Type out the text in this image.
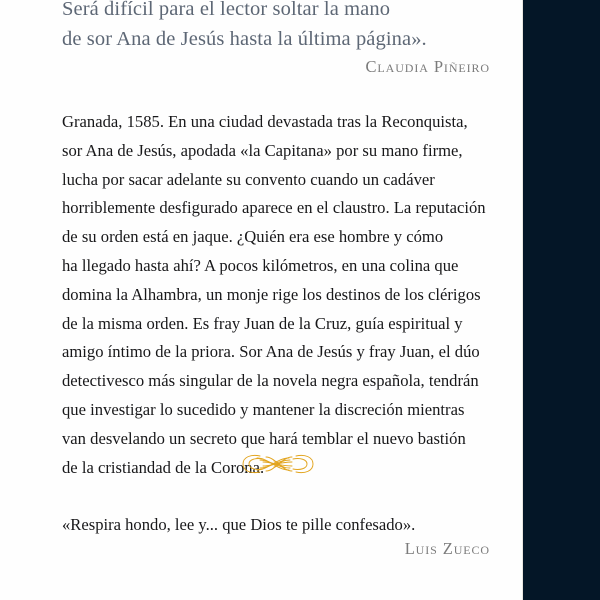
Será difícil para el lector soltar la mano
de sor Ana de Jesús hasta la última página».
Claudia Piñeiro
Granada, 1585. En una ciudad devastada tras la Reconquista,
sor Ana de Jesús, apodada «la Capitana» por su mano firme,
lucha por sacar adelante su convento cuando un cadáver
horriblemente desfigurado aparece en el claustro. La reputación
de su orden está en jaque. ¿Quién era ese hombre y cómo
ha llegado hasta ahí? A pocos kilómetros, en una colina que
domina la Alhambra, un monje rige los destinos de los clérigos
de la misma orden. Es fray Juan de la Cruz, guía espiritual y
amigo íntimo de la priora. Sor Ana de Jesús y fray Juan, el dúo
detectivesco más singular de la novela negra española, tendrán
que investigar lo sucedido y mantener la discreción mientras
van desvelando un secreto que hará temblar el nuevo bastión
de la cristiandad de la Corona.
«Respira hondo, lee y... que Dios te pille confesado».
Luis Zueco
